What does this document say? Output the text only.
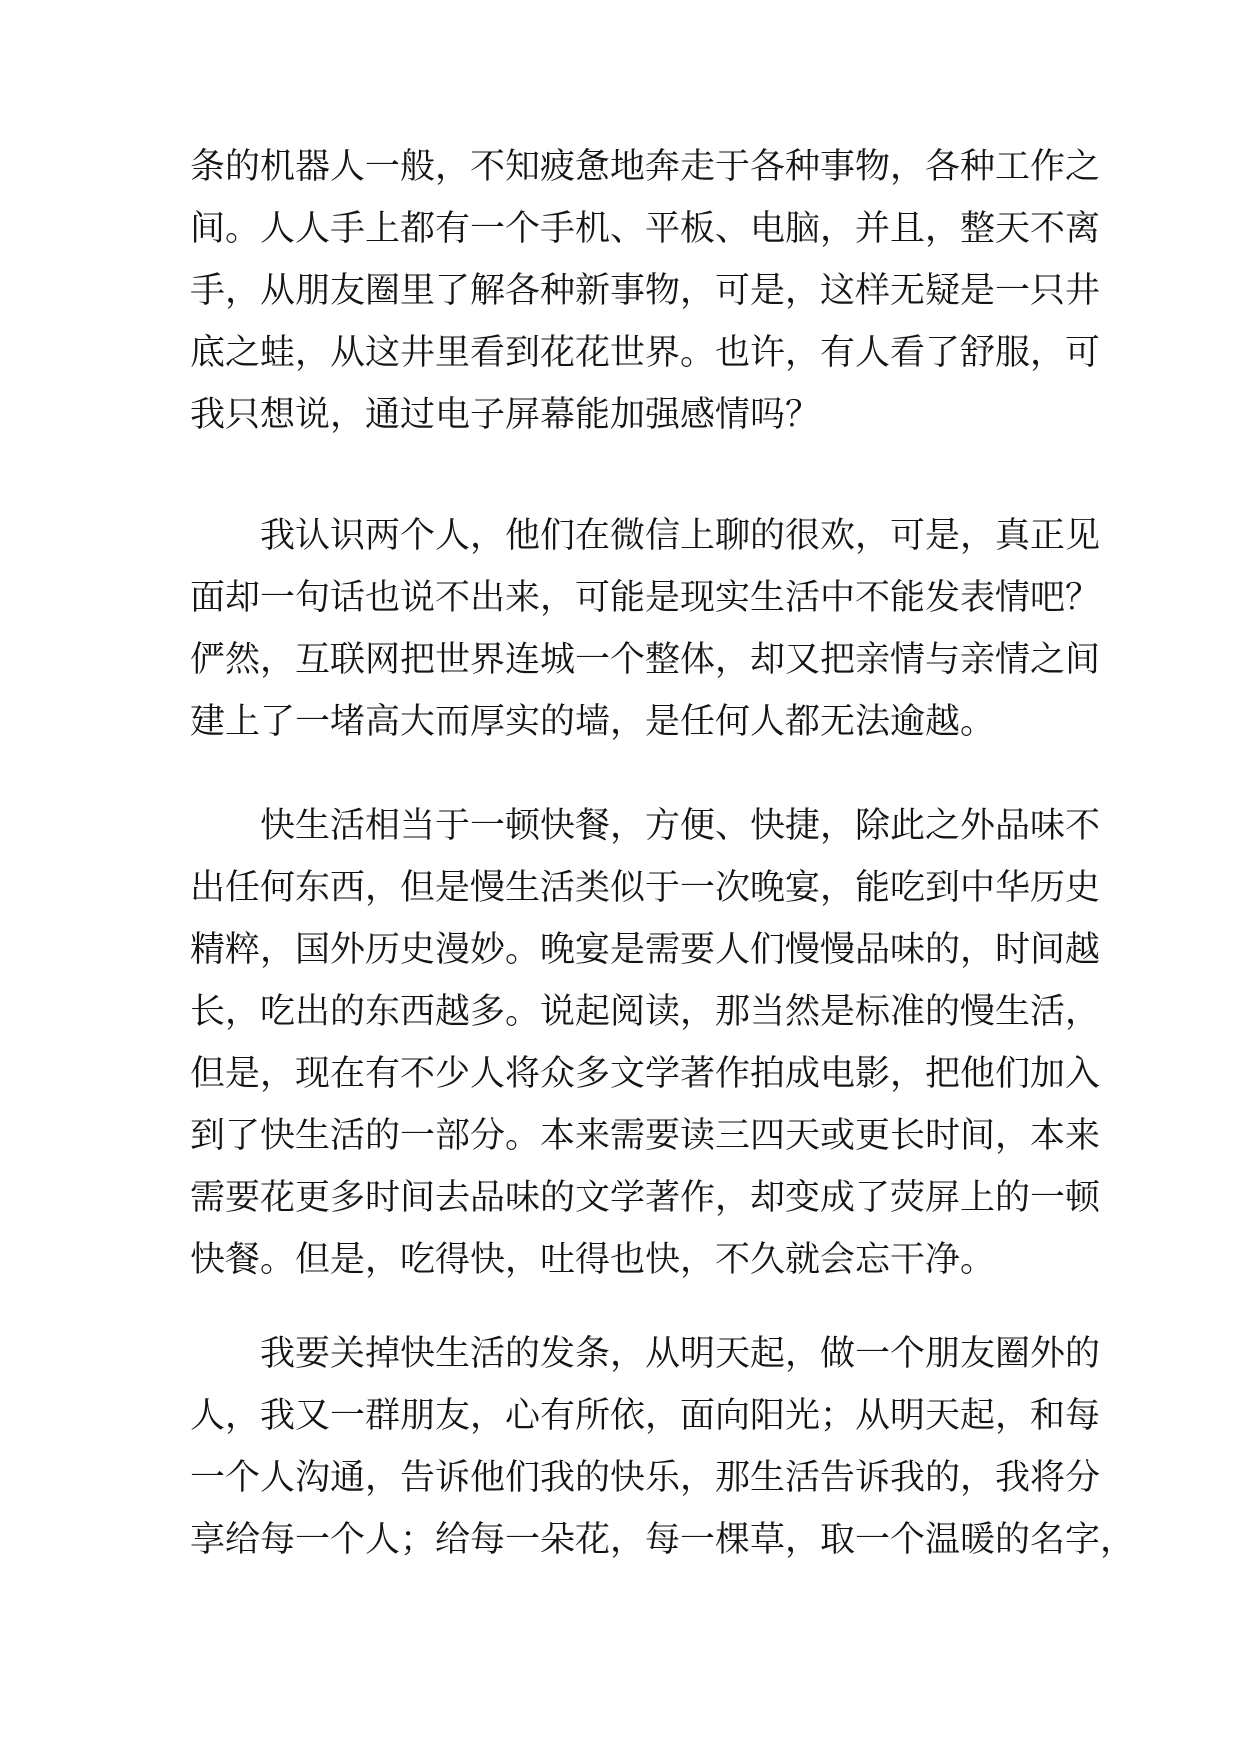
条的机器人一般，不知疲惫地奔走于各种事物，各种工作之
间。人人手上都有一个手机、平板、电脑，并且，整天不离
手，从朋友圈里了解各种新事物，可是，这样无疑是一只井
底之蛙，从这井里看到花花世界。也许，有人看了舒服，可
我只想说，通过电子屏幕能加强感情吗？
我认识两个人，他们在微信上聊的很欢，可是，真正见
面却一句话也说不出来，可能是现实生活中不能发表情吧？
俨然，互联网把世界连城一个整体，却又把亲情与亲情之间
建上了一堵高大而厚实的墙，是任何人都无法逾越。
快生活相当于一顿快餐，方便、快捷，除此之外品味不
出任何东西，但是慢生活类似于一次晚宴，能吃到中华历史
精粹，国外历史漫妙。晚宴是需要人们慢慢品味的，时间越
长，吃出的东西越多。说起阅读，那当然是标准的慢生活，
但是，现在有不少人将众多文学著作拍成电影，把他们加入
到了快生活的一部分。本来需要读三四天或更长时间，本来
需要花更多时间去品味的文学著作，却变成了荧屏上的一顿
快餐。但是，吃得快，吐得也快，不久就会忘干净。
我要关掉快生活的发条，从明天起，做一个朋友圈外的
人，我又一群朋友，心有所依，面向阳光；从明天起，和每
一个人沟通，告诉他们我的快乐，那生活告诉我的，我将分
享给每一个人；给每一朵花，每一棵草，取一个温暖的名字，
